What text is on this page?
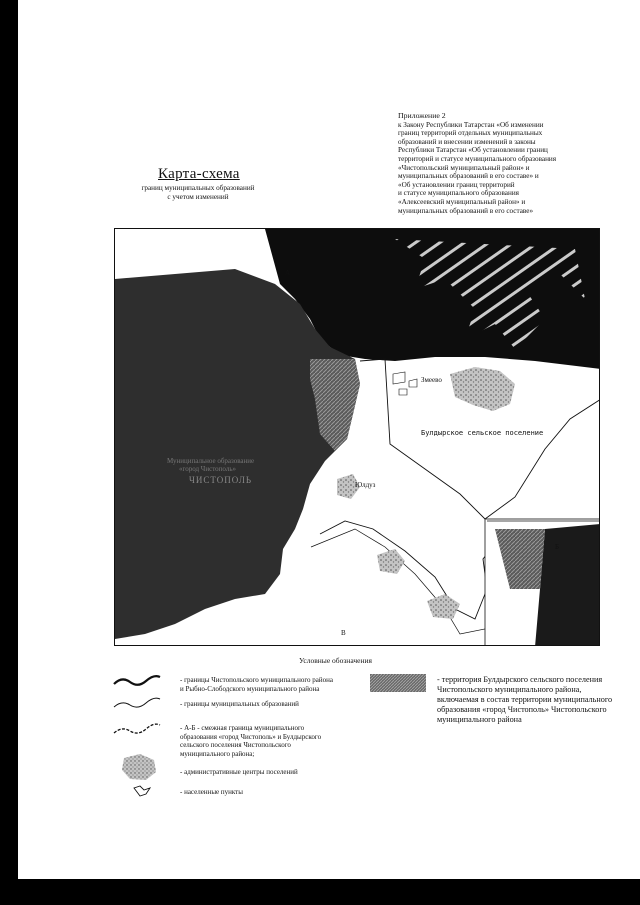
Приложение 2
к Закону Республики Татарстан «Об изменении
границ территорий отдельных муниципальных
образований и внесении изменений в законы
Республики Татарстан «Об установлении границ
территорий и статусе муниципального образования
«Чистопольский муниципальный район» и
муниципальных образований в его составе» и
«Об установлении границ территорий
и статусе муниципального образования
«Алексеевский муниципальный район» и
муниципальных образований в его составе»
Карта-схема
границ муниципальных образований
с учетом изменений
А
Б
В
Змеево
Булдырское сельское поселение
Юлдуз
Муниципальное образование
«город Чистополь»
ЧИСТОПОЛЬ
Условные обозначения
- границы Чистопольского муниципального района
и Рыбно-Слободского муниципального района
- границы муниципальных образований
- А-Б - смежная граница муниципального
образования «город Чистополь» и Булдырского
сельского поселения Чистопольского
муниципального района;
- административные центры поселений
- населенные пункты
- территория Булдырского сельского поселения
Чистопольского муниципального района,
включаемая в состав территории муниципального
образования «город Чистополь» Чистопольского
муниципального района
